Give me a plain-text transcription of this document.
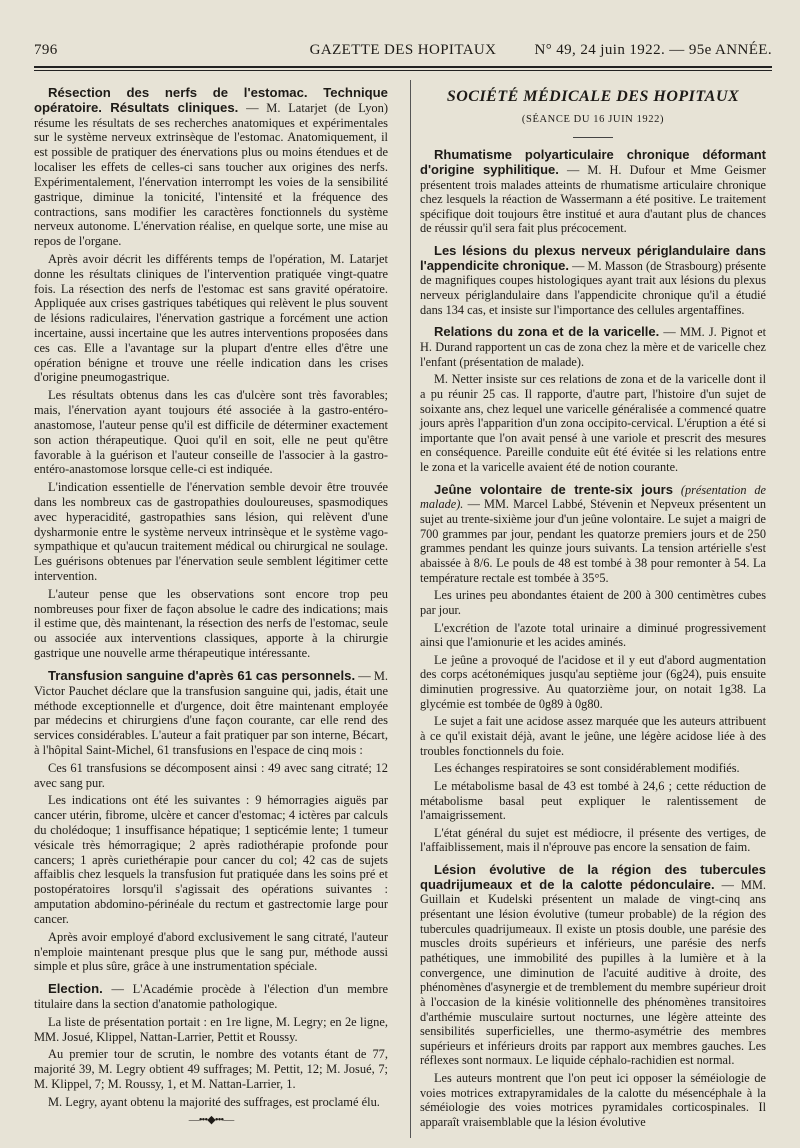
796	GAZETTE DES HOPITAUX	N° 49, 24 juin 1922. — 95e ANNÉE.

Résection des nerfs de l'estomac. Technique opératoire. Résultats cliniques. — M. Latarjet (de Lyon) résume les résultats de ses recherches anatomiques et expérimentales sur le système nerveux extrinsèque de l'estomac. Anatomiquement, il est possible de pratiquer des énervations plus ou moins étendues et de localiser les effets de celles-ci sans toucher aux origines des nerfs. Expérimentalement, l'énervation interrompt les voies de la sensibilité gastrique, diminue la tonicité, l'intensité et la fréquence des contractions, sans modifier les caractères fonctionnels du système nerveux autonome. L'énervation réalise, en quelque sorte, une mise au repos de l'organe.

Après avoir décrit les différents temps de l'opération, M. Latarjet donne les résultats cliniques de l'intervention pratiquée vingt-quatre fois. La résection des nerfs de l'estomac est sans gravité opératoire. Appliquée aux crises gastriques tabétiques qui relèvent le plus souvent de lésions radiculaires, l'énervation gastrique a forcément une action incertaine, aussi incertaine que les autres interventions proposées dans ces cas. Elle a l'avantage sur la plupart d'entre elles d'être une opération bénigne et trouve une réelle indication dans les crises d'origine pneumogastrique.

Les résultats obtenus dans les cas d'ulcère sont très favorables; mais, l'énervation ayant toujours été associée à la gastro-entéro-anastomose, l'auteur pense qu'il est difficile de déterminer exactement son action thérapeutique. Quoi qu'il en soit, elle ne peut qu'être favorable à la guérison et l'auteur conseille de l'associer à la gastro-entéro-anastomose lorsque celle-ci est indiquée.

L'indication essentielle de l'énervation semble devoir être trouvée dans les nombreux cas de gastropathies douloureuses, spasmodiques avec hyperacidité, gastropathies sans lésion, qui relèvent d'une dysharmonie entre le système nerveux intrinsèque et le système vago-sympathique et qu'aucun traitement médical ou chirurgical ne soulage. Les guérisons obtenues par l'énervation seule semblent légitimer cette intervention.

L'auteur pense que les observations sont encore trop peu nombreuses pour fixer de façon absolue le cadre des indications; mais il estime que, dès maintenant, la résection des nerfs de l'estomac, seule ou associée aux interventions classiques, apporte à la chirurgie gastrique une nouvelle arme thérapeutique intéressante.

Transfusion sanguine d'après 61 cas personnels. — M. Victor Pauchet déclare que la transfusion sanguine qui, jadis, était une méthode exceptionnelle et d'urgence, doit être maintenant employée par médecins et chirurgiens d'une façon courante, car elle rend des services considérables. L'auteur a fait pratiquer par son interne, Bécart, à l'hôpital Saint-Michel, 61 transfusions en l'espace de cinq mois :

Ces 61 transfusions se décomposent ainsi : 49 avec sang citraté; 12 avec sang pur.

Les indications ont été les suivantes : 9 hémorragies aiguës par cancer utérin, fibrome, ulcère et cancer d'estomac; 4 ictères par calculs du cholédoque; 1 insuffisance hépatique; 1 septicémie lente; 1 tumeur vésicale très hémorragique; 2 après radiothérapie profonde pour cancers; 1 après curiethérapie pour cancer du col; 42 cas de sujets affaiblis chez lesquels la transfusion fut pratiquée dans les soins pré et postopératoires lorsqu'il s'agissait des opérations suivantes : amputation abdomino-périnéale du rectum et gastrectomie large pour cancer.

Après avoir employé d'abord exclusivement le sang citraté, l'auteur n'emploie maintenant presque plus que le sang pur, méthode aussi simple et plus sûre, grâce à une instrumentation spéciale.

Election. — L'Académie procède à l'élection d'un membre titulaire dans la section d'anatomie pathologique.

La liste de présentation portait : en 1re ligne, M. Legry; en 2e ligne, MM. Josué, Klippel, Nattan-Larrier, Pettit et Roussy.

Au premier tour de scrutin, le nombre des votants étant de 77, majorité 39, M. Legry obtient 49 suffrages; M. Pettit, 12; M. Josué, 7; M. Klippel, 7; M. Roussy, 1, et M. Nattan-Larrier, 1.

M. Legry, ayant obtenu la majorité des suffrages, est proclamé élu.

—•••◆•••—
SOCIÉTÉ MÉDICALE DES HOPITAUX
(SÉANCE DU 16 JUIN 1922)

Rhumatisme polyarticulaire chronique déformant d'origine syphilitique. — M. H. Dufour et Mme Geismer présentent trois malades atteints de rhumatisme articulaire chronique chez lesquels la réaction de Wassermann a été positive. Le traitement spécifique doit toujours être institué et aura d'autant plus de chances de réussir qu'il sera fait plus précocement.

Les lésions du plexus nerveux périglandulaire dans l'appendicite chronique. — M. Masson (de Strasbourg) présente de magnifiques coupes histologiques ayant trait aux lésions du plexus nerveux périglandulaire dans l'appendicite chronique qu'il a étudié dans 134 cas, et insiste sur l'importance des cellules argentaffines.

Relations du zona et de la varicelle. — MM. J. Pignot et H. Durand rapportent un cas de zona chez la mère et de varicelle chez l'enfant (présentation de malade).

M. Netter insiste sur ces relations de zona et de la varicelle dont il a pu réunir 25 cas. Il rapporte, d'autre part, l'histoire d'un sujet de soixante ans, chez lequel une varicelle généralisée a commencé quatre jours après l'apparition d'un zona occipito-cervical. L'éruption a été si importante que l'on avait pensé à une variole et prescrit des mesures en conséquence. Pareille conduite eût été évitée si les relations entre le zona et la varicelle avaient été de notion courante.

Jeûne volontaire de trente-six jours (présentation de malade). — MM. Marcel Labbé, Stévenin et Nepveux présentent un sujet au trente-sixième jour d'un jeûne volontaire. Le sujet a maigri de 700 grammes par jour, pendant les quatorze premiers jours et de 250 grammes pendant les quinze jours suivants. La tension artérielle s'est abaissée à 8/6. Le pouls de 48 est tombé à 38 pour remonter à 54. La température rectale est tombée à 35°5.

Les urines peu abondantes étaient de 200 à 300 centimètres cubes par jour.

L'excrétion de l'azote total urinaire a diminué progressivement ainsi que l'amionurie et les acides aminés.

Le jeûne a provoqué de l'acidose et il y eut d'abord augmentation des corps acétonémiques jusqu'au septième jour (6g24), puis ensuite diminutien progressive. Au quatorzième jour, on notait 1g38. La glycémie est tombée de 0g89 à 0g80.

Le sujet a fait une acidose assez marquée que les auteurs attribuent à ce qu'il existait déjà, avant le jeûne, une légère acidose liée à des troubles fonctionnels du foie.

Les échanges respiratoires se sont considérablement modifiés.

Le métabolisme basal de 43 est tombé à 24,6 ; cette réduction de métabolisme basal peut expliquer le ralentissement de l'amaigrissement.

L'état général du sujet est médiocre, il présente des vertiges, de l'affaiblissement, mais il n'éprouve pas encore la sensation de faim.

Lésion évolutive de la région des tubercules quadrijumeaux et de la calotte pédonculaire. — MM. Guillain et Kudelski présentent un malade de vingt-cinq ans présentant une lésion évolutive (tumeur probable) de la région des tubercules quadrijumeaux. Il existe un ptosis double, une parésie des muscles droits supérieurs et inférieurs, une parésie des nerfs pathétiques, une immobilité des pupilles à la lumière et à la convergence, une diminution de l'acuité auditive à droite, des phénomènes d'asynergie et de tremblement du membre supérieur droit à l'occasion de la kinésie volitionnelle des phénomènes transitoires d'arthémie musculaire surtout nocturnes, une légère atteinte des sensibilités superficielles, une thermo-asymétrie des membres supérieurs et inférieurs droits par rapport aux membres gauches. Les réflexes sont normaux. Le liquide céphalo-rachidien est normal.

Les auteurs montrent que l'on peut ici opposer la séméiologie de voies motrices extrapyramidales de la calotte du mésencéphale à la séméiologie des voies motrices pyramidales corticospinales. Il apparaît vraisemblable que la lésion évolutive
